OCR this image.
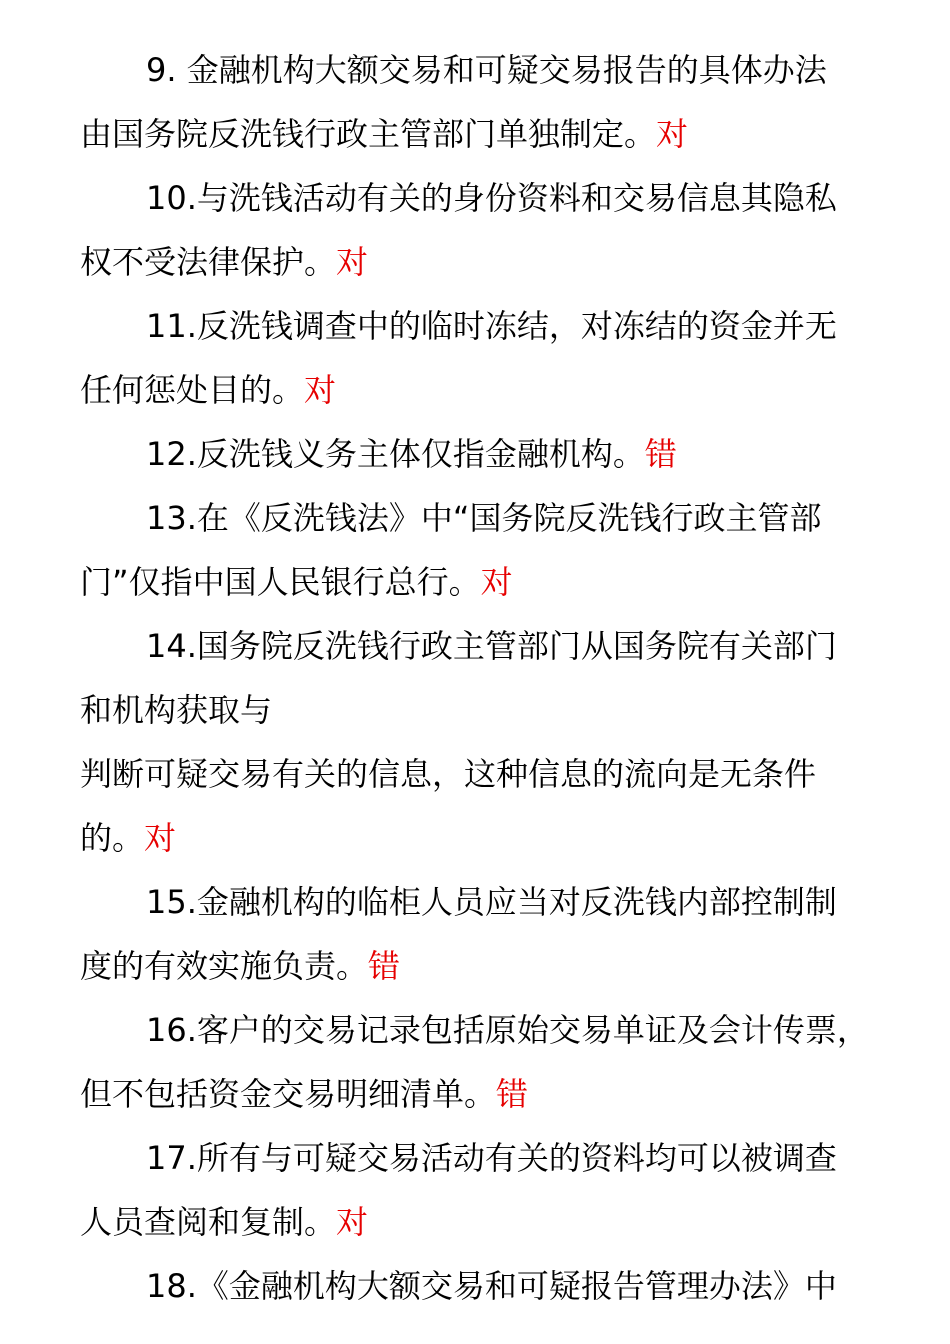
9. 金融机构大额交易和可疑交易报告的具体办法
由国务院反洗钱行政主管部门单独制定。对
10.与洗钱活动有关的身份资料和交易信息其隐私
权不受法律保护。对
11.反洗钱调查中的临时冻结，对冻结的资金并无
任何惩处目的。对
12.反洗钱义务主体仅指金融机构。错
13.在《反洗钱法》中“国务院反洗钱行政主管部
门”仅指中国人民银行总行。对
14.国务院反洗钱行政主管部门从国务院有关部门
和机构获取与
判断可疑交易有关的信息，这种信息的流向是无条件
的。对
15.金融机构的临柜人员应当对反洗钱内部控制制
度的有效实施负责。错
16.客户的交易记录包括原始交易单证及会计传票，
但不包括资金交易明细清单。错
17.所有与可疑交易活动有关的资料均可以被调查
人员查阅和复制。对
18.《金融机构大额交易和可疑报告管理办法》中
